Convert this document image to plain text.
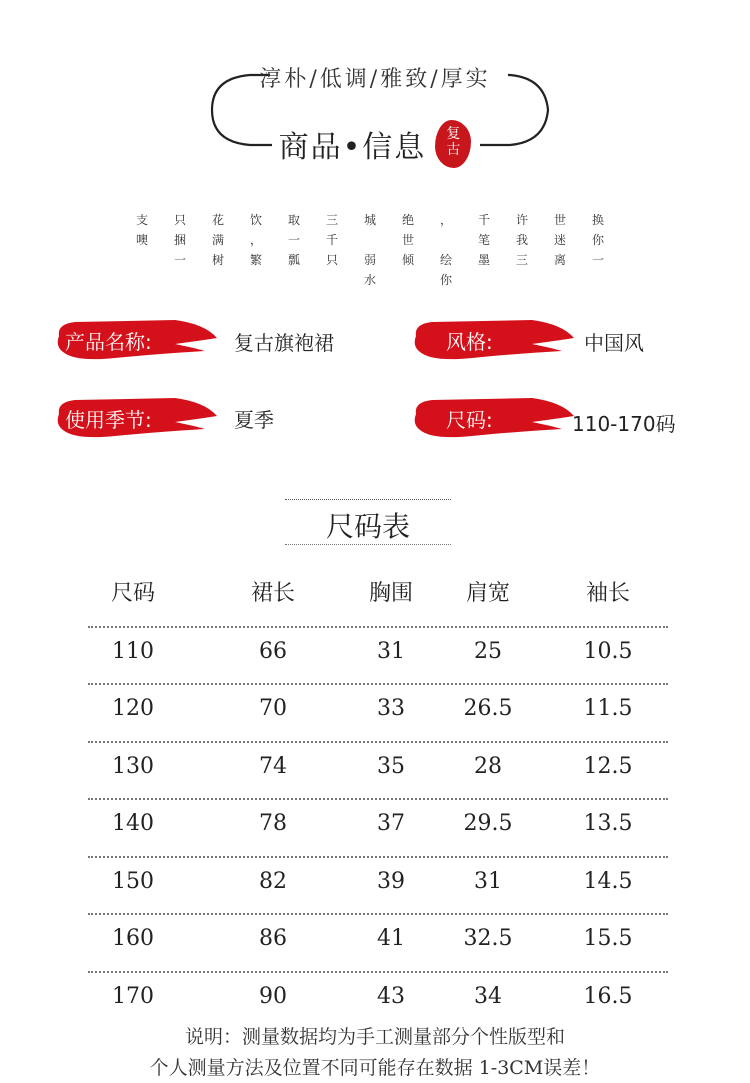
淳朴/低调/雅致/厚实
商品•信息	复
古
支
噢
只
捆
一
花
满
树
饮
，
繁
取
一
瓢
三
千
只
城
弱
水
绝
世
倾
，
绘
你
千
笔
墨
许
我
三
世
迷
离
换
你
一
产品名称:	复古旗袍裙	风格:	中国风
使用季节:	夏季	尺码:	110-170码
尺码表
尺码	裙长	胸围	肩宽	袖长
110	66	31	25	10.5
120	70	33	26.5	11.5
130	74	35	28	12.5
140	78	37	29.5	13.5
150	82	39	31	14.5
160	86	41	32.5	15.5
170	90	43	34	16.5
说明：测量数据均为手工测量部分个性版型和
个人测量方法及位置不同可能存在数据 1-3CM误差！
